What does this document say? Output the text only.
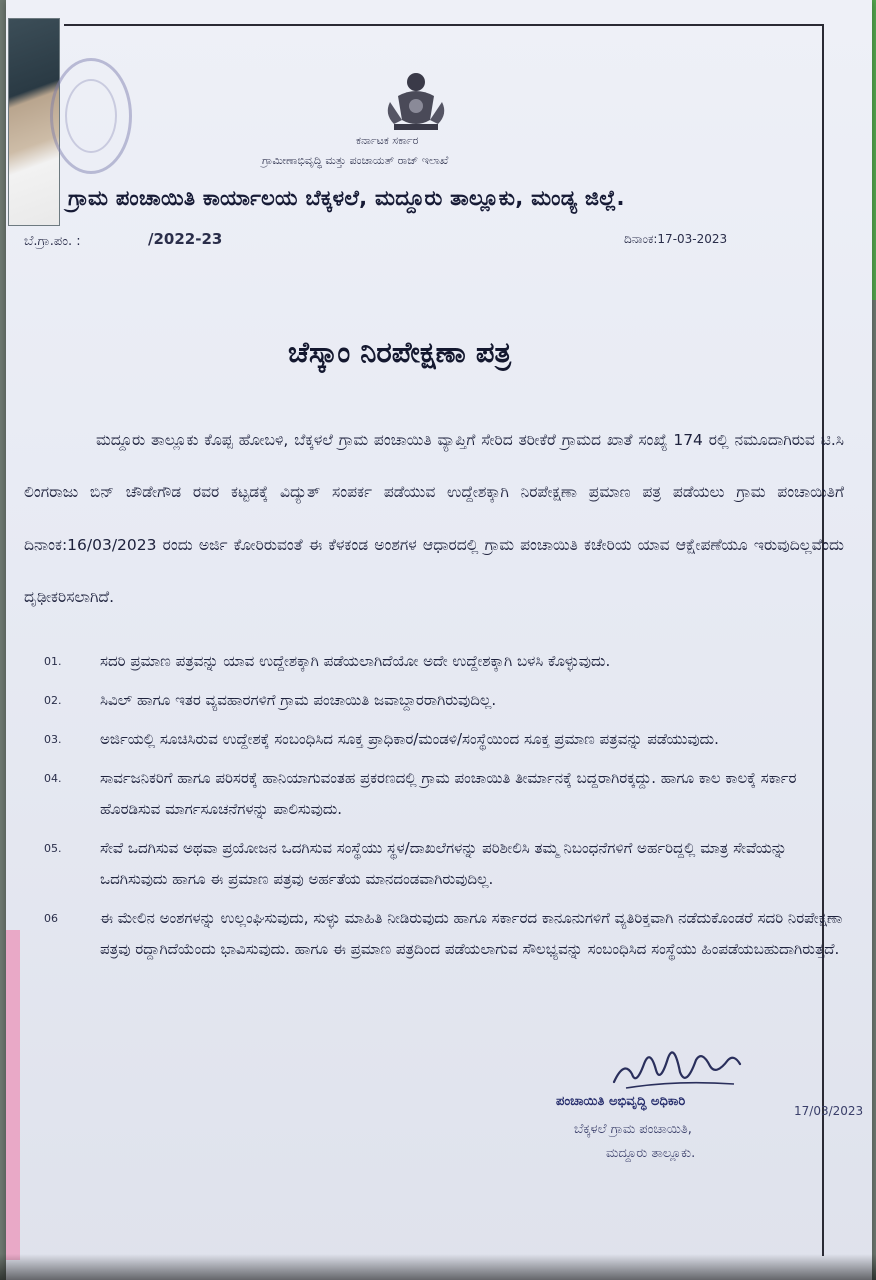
ಕರ್ನಾಟಕ ಸರ್ಕಾರ
ಗ್ರಾಮೀಣಾಭಿವೃದ್ಧಿ ಮತ್ತು ಪಂಚಾಯತ್ ರಾಜ್ ಇಲಾಖೆ
ಗ್ರಾಮ ಪಂಚಾಯಿತಿ ಕಾರ್ಯಾಲಯ ಬೆಕ್ಕಳಲೆ, ಮದ್ದೂರು ತಾಲ್ಲೂಕು, ಮಂಡ್ಯ ಜಿಲ್ಲೆ.
ಬೆ.ಗ್ರಾ.ಪಂ. :	/2022-23	ದಿನಾಂಕ:17-03-2023
ಚೆಸ್ಕಾಂ ನಿರಪೇಕ್ಷಣಾ ಪತ್ರ

ಮದ್ದೂರು ತಾಲ್ಲೂಕು ಕೊಪ್ಪ ಹೋಬಳಿ, ಬೆಕ್ಕಳಲೆ ಗ್ರಾಮ ಪಂಚಾಯಿತಿ ವ್ಯಾಪ್ತಿಗೆ ಸೇರಿದ ತರೀಕೆರೆ ಗ್ರಾಮದ ಖಾತೆ ಸಂಖ್ಯೆ 174 ರಲ್ಲಿ ನಮೂದಾಗಿರುವ ಟಿ.ಸಿ ಲಿಂಗರಾಜು ಬಿನ್ ಚೌಡೇಗೌಡ ರವರ ಕಟ್ಟಡಕ್ಕೆ ವಿದ್ಯುತ್ ಸಂಪರ್ಕ ಪಡೆಯುವ ಉದ್ದೇಶಕ್ಕಾಗಿ ನಿರಪೇಕ್ಷಣಾ ಪ್ರಮಾಣ ಪತ್ರ ಪಡೆಯಲು ಗ್ರಾಮ ಪಂಚಾಯಿತಿಗೆ ದಿನಾಂಕ:16/03/2023 ರಂದು ಅರ್ಜಿ ಕೋರಿರುವಂತೆ ಈ ಕೆಳಕಂಡ ಅಂಶಗಳ ಆಧಾರದಲ್ಲಿ ಗ್ರಾಮ ಪಂಚಾಯಿತಿ ಕಚೇರಿಯ ಯಾವ ಆಕ್ಷೇಪಣೆಯೂ ಇರುವುದಿಲ್ಲವೆಂದು ದೃಢೀಕರಿಸಲಾಗಿದೆ.

01.	ಸದರಿ ಪ್ರಮಾಣ ಪತ್ರವನ್ನು ಯಾವ ಉದ್ದೇಶಕ್ಕಾಗಿ ಪಡೆಯಲಾಗಿದೆಯೋ ಅದೇ ಉದ್ದೇಶಕ್ಕಾಗಿ ಬಳಸಿ ಕೊಳ್ಳುವುದು.
02.	ಸಿವಿಲ್ ಹಾಗೂ ಇತರ ವ್ಯವಹಾರಗಳಿಗೆ ಗ್ರಾಮ ಪಂಚಾಯಿತಿ ಜವಾಬ್ದಾರರಾಗಿರುವುದಿಲ್ಲ.
03.	ಅರ್ಜಿಯಲ್ಲಿ ಸೂಚಿಸಿರುವ ಉದ್ದೇಶಕ್ಕೆ ಸಂಬಂಧಿಸಿದ ಸೂಕ್ತ ಪ್ರಾಧಿಕಾರ/ಮಂಡಳಿ/ಸಂಸ್ಥೆಯಿಂದ ಸೂಕ್ತ ಪ್ರಮಾಣ ಪತ್ರವನ್ನು ಪಡೆಯುವುದು.
04.	ಸಾರ್ವಜನಿಕರಿಗೆ ಹಾಗೂ ಪರಿಸರಕ್ಕೆ ಹಾನಿಯಾಗುವಂತಹ ಪ್ರಕರಣದಲ್ಲಿ ಗ್ರಾಮ ಪಂಚಾಯಿತಿ ತೀರ್ಮಾನಕ್ಕೆ ಬದ್ದರಾಗಿರಕ್ಕದ್ದು. ಹಾಗೂ ಕಾಲ ಕಾಲಕ್ಕೆ ಸರ್ಕಾರ ಹೊರಡಿಸುವ ಮಾರ್ಗಸೂಚನೆಗಳನ್ನು ಪಾಲಿಸುವುದು.
05.	ಸೇವೆ ಒದಗಿಸುವ ಅಥವಾ ಪ್ರಯೋಜನ ಒದಗಿಸುವ ಸಂಸ್ಥೆಯು ಸ್ಥಳ/ದಾಖಲೆಗಳನ್ನು ಪರಿಶೀಲಿಸಿ ತಮ್ಮ ನಿಬಂಧನೆಗಳಿಗೆ ಅರ್ಹರಿದ್ದಲ್ಲಿ ಮಾತ್ರ ಸೇವೆಯನ್ನು ಒದಗಿಸುವುದು ಹಾಗೂ ಈ ಪ್ರಮಾಣ ಪತ್ರವು ಅರ್ಹತೆಯ ಮಾನದಂಡವಾಗಿರುವುದಿಲ್ಲ.
06	ಈ ಮೇಲಿನ ಅಂಶಗಳನ್ನು ಉಲ್ಲಂಘಿಸುವುದು, ಸುಳ್ಳು ಮಾಹಿತಿ ನೀಡಿರುವುದು ಹಾಗೂ ಸರ್ಕಾರದ ಕಾನೂನುಗಳಿಗೆ ವ್ಯತಿರಿಕ್ತವಾಗಿ ನಡೆದುಕೊಂಡರೆ ಸದರಿ ನಿರಪೇಕ್ಷಣಾ ಪತ್ರವು ರದ್ದಾಗಿದೆಯೆಂದು ಭಾವಿಸುವುದು. ಹಾಗೂ ಈ ಪ್ರಮಾಣ ಪತ್ರದಿಂದ ಪಡೆಯಲಾಗುವ ಸೌಲಭ್ಯವನ್ನು ಸಂಬಂಧಿಸಿದ ಸಂಸ್ಥೆಯು ಹಿಂಪಡೆಯಬಹುದಾಗಿರುತ್ತದೆ.
ಪಂಚಾಯಿತಿ ಅಭಿವೃದ್ಧಿ ಅಧಿಕಾರಿ
17/03/2023
ಬೆಕ್ಕಳಲೆ ಗ್ರಾಮ ಪಂಚಾಯಿತಿ,
ಮದ್ದೂರು ತಾಲ್ಲೂಕು.
